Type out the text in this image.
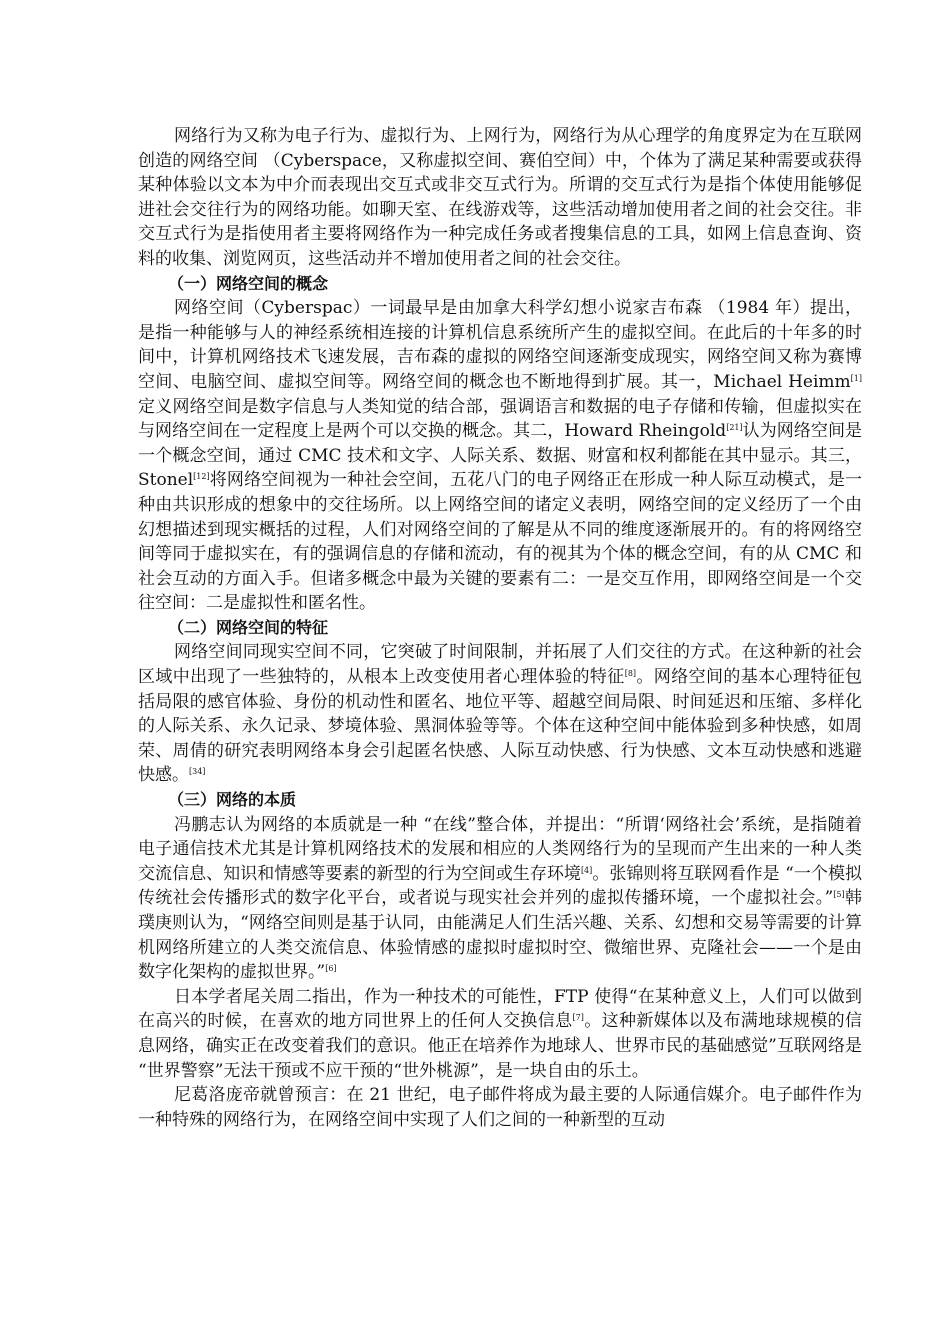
网络行为又称为电子行为、虚拟行为、上网行为，网络行为从心理学的角度界定为在互联网创造的网络空间 （Cyberspace，又称虚拟空间、赛伯空间）中，个体为了满足某种需要或获得某种体验以文本为中介而表现出交互式或非交互式行为。所谓的交互式行为是指个体使用能够促进社会交往行为的网络功能。如聊天室、在线游戏等，这些活动增加使用者之间的社会交往。非交互式行为是指使用者主要将网络作为一种完成任务或者搜集信息的工具，如网上信息查询、资料的收集、浏览网页，这些活动并不增加使用者之间的社会交往。

（一）网络空间的概念

网络空间（Cyberspac）一词最早是由加拿大科学幻想小说家吉布森 （1984 年）提出，是指一种能够与人的神经系统相连接的计算机信息系统所产生的虚拟空间。在此后的十年多的时间中，计算机网络技术飞速发展，吉布森的虚拟的网络空间逐渐变成现实，网络空间又称为赛博空间、电脑空间、虚拟空间等。网络空间的概念也不断地得到扩展。其一，Michael Heimm[1]定义网络空间是数字信息与人类知觉的结合部，强调语言和数据的电子存储和传输，但虚拟实在与网络空间在一定程度上是两个可以交换的概念。其二，Howard Rheingold[21]认为网络空间是一个概念空间，通过 CMC 技术和文字、人际关系、数据、财富和权利都能在其中显示。其三，Stonel[12]将网络空间视为一种社会空间，五花八门的电子网络正在形成一种人际互动模式，是一种由共识形成的想象中的交往场所。以上网络空间的诸定义表明，网络空间的定义经历了一个由幻想描述到现实概括的过程，人们对网络空间的了解是从不同的维度逐渐展开的。有的将网络空间等同于虚拟实在，有的强调信息的存储和流动，有的视其为个体的概念空间，有的从 CMC 和社会互动的方面入手。但诸多概念中最为关键的要素有二：一是交互作用，即网络空间是一个交往空间：二是虚拟性和匿名性。

（二）网络空间的特征

网络空间同现实空间不同，它突破了时间限制，并拓展了人们交往的方式。在这种新的社会区域中出现了一些独特的，从根本上改变使用者心理体验的特征[8]。网络空间的基本心理特征包括局限的感官体验、身份的机动性和匿名、地位平等、超越空间局限、时间延迟和压缩、多样化的人际关系、永久记录、梦境体验、黑洞体验等等。个体在这种空间中能体验到多种快感，如周荣、周倩的研究表明网络本身会引起匿名快感、人际互动快感、行为快感、文本互动快感和逃避快感。[34]

（三）网络的本质

冯鹏志认为网络的本质就是一种 “在线”整合体，并提出：“所谓‘网络社会’系统，是指随着电子通信技术尤其是计算机网络技术的发展和相应的人类网络行为的呈现而产生出来的一种人类交流信息、知识和情感等要素的新型的行为空间或生存环境[4]。张锦则将互联网看作是 “一个模拟传统社会传播形式的数字化平台，或者说与现实社会并列的虚拟传播环境，一个虚拟社会。”[5]韩璞庚则认为，“网络空间则是基于认同，由能满足人们生活兴趣、关系、幻想和交易等需要的计算机网络所建立的人类交流信息、体验情感的虚拟时虚拟时空、微缩世界、克隆社会——一个是由数字化架构的虚拟世界。”[6]

日本学者尾关周二指出，作为一种技术的可能性，FTP 使得“在某种意义上，人们可以做到在高兴的时候，在喜欢的地方同世界上的任何人交换信息[7]。这种新媒体以及布满地球规模的信息网络，确实正在改变着我们的意识。他正在培养作为地球人、世界市民的基础感觉”互联网络是 “世界警察”无法干预或不应干预的“世外桃源”，是一块自由的乐土。

尼葛洛庞帝就曾预言：在 21 世纪，电子邮件将成为最主要的人际通信媒介。电子邮件作为一种特殊的网络行为，在网络空间中实现了人们之间的一种新型的互动
